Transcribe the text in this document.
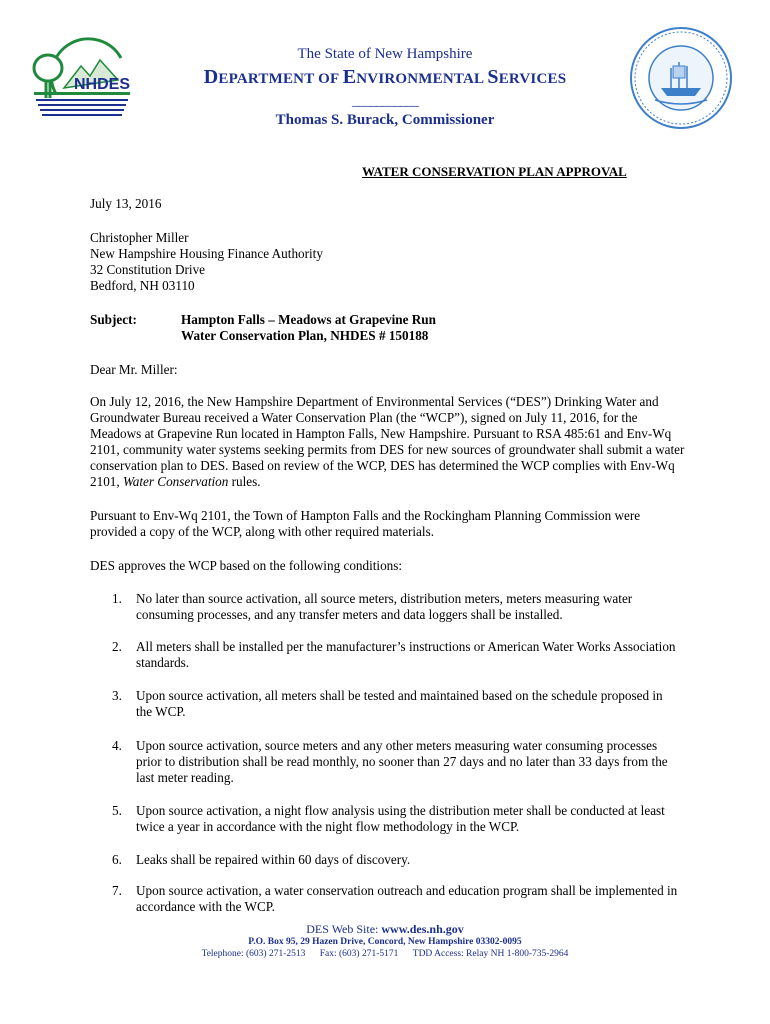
NHDES
The State of New Hampshire
DEPARTMENT OF ENVIRONMENTAL SERVICES
___________
Thomas S. Burack, Commissioner
WATER CONSERVATION PLAN APPROVAL
July 13, 2016
Christopher Miller
New Hampshire Housing Finance Authority
32 Constitution Drive
Bedford, NH 03110
Subject:	Hampton Falls – Meadows at Grapevine Run
Water Conservation Plan, NHDES # 150188
Dear Mr. Miller:
On July 12, 2016, the New Hampshire Department of Environmental Services (“DES”) Drinking Water and Groundwater Bureau received a Water Conservation Plan (the “WCP”), signed on July 11, 2016, for the Meadows at Grapevine Run located in Hampton Falls, New Hampshire. Pursuant to RSA 485:61 and Env-Wq 2101, community water systems seeking permits from DES for new sources of groundwater shall submit a water conservation plan to DES. Based on review of the WCP, DES has determined the WCP complies with Env-Wq 2101, Water Conservation rules.
Pursuant to Env-Wq 2101, the Town of Hampton Falls and the Rockingham Planning Commission were provided a copy of the WCP, along with other required materials.
DES approves the WCP based on the following conditions:
1. No later than source activation, all source meters, distribution meters, meters measuring water consuming processes, and any transfer meters and data loggers shall be installed.
2. All meters shall be installed per the manufacturer’s instructions or American Water Works Association standards.
3. Upon source activation, all meters shall be tested and maintained based on the schedule proposed in the WCP.
4. Upon source activation, source meters and any other meters measuring water consuming processes prior to distribution shall be read monthly, no sooner than 27 days and no later than 33 days from the last meter reading.
5. Upon source activation, a night flow analysis using the distribution meter shall be conducted at least twice a year in accordance with the night flow methodology in the WCP.
6. Leaks shall be repaired within 60 days of discovery.
7. Upon source activation, a water conservation outreach and education program shall be implemented in accordance with the WCP.
DES Web Site: www.des.nh.gov
P.O. Box 95, 29 Hazen Drive, Concord, New Hampshire 03302-0095
Telephone: (603) 271-2513 Fax: (603) 271-5171 TDD Access: Relay NH 1-800-735-2964
